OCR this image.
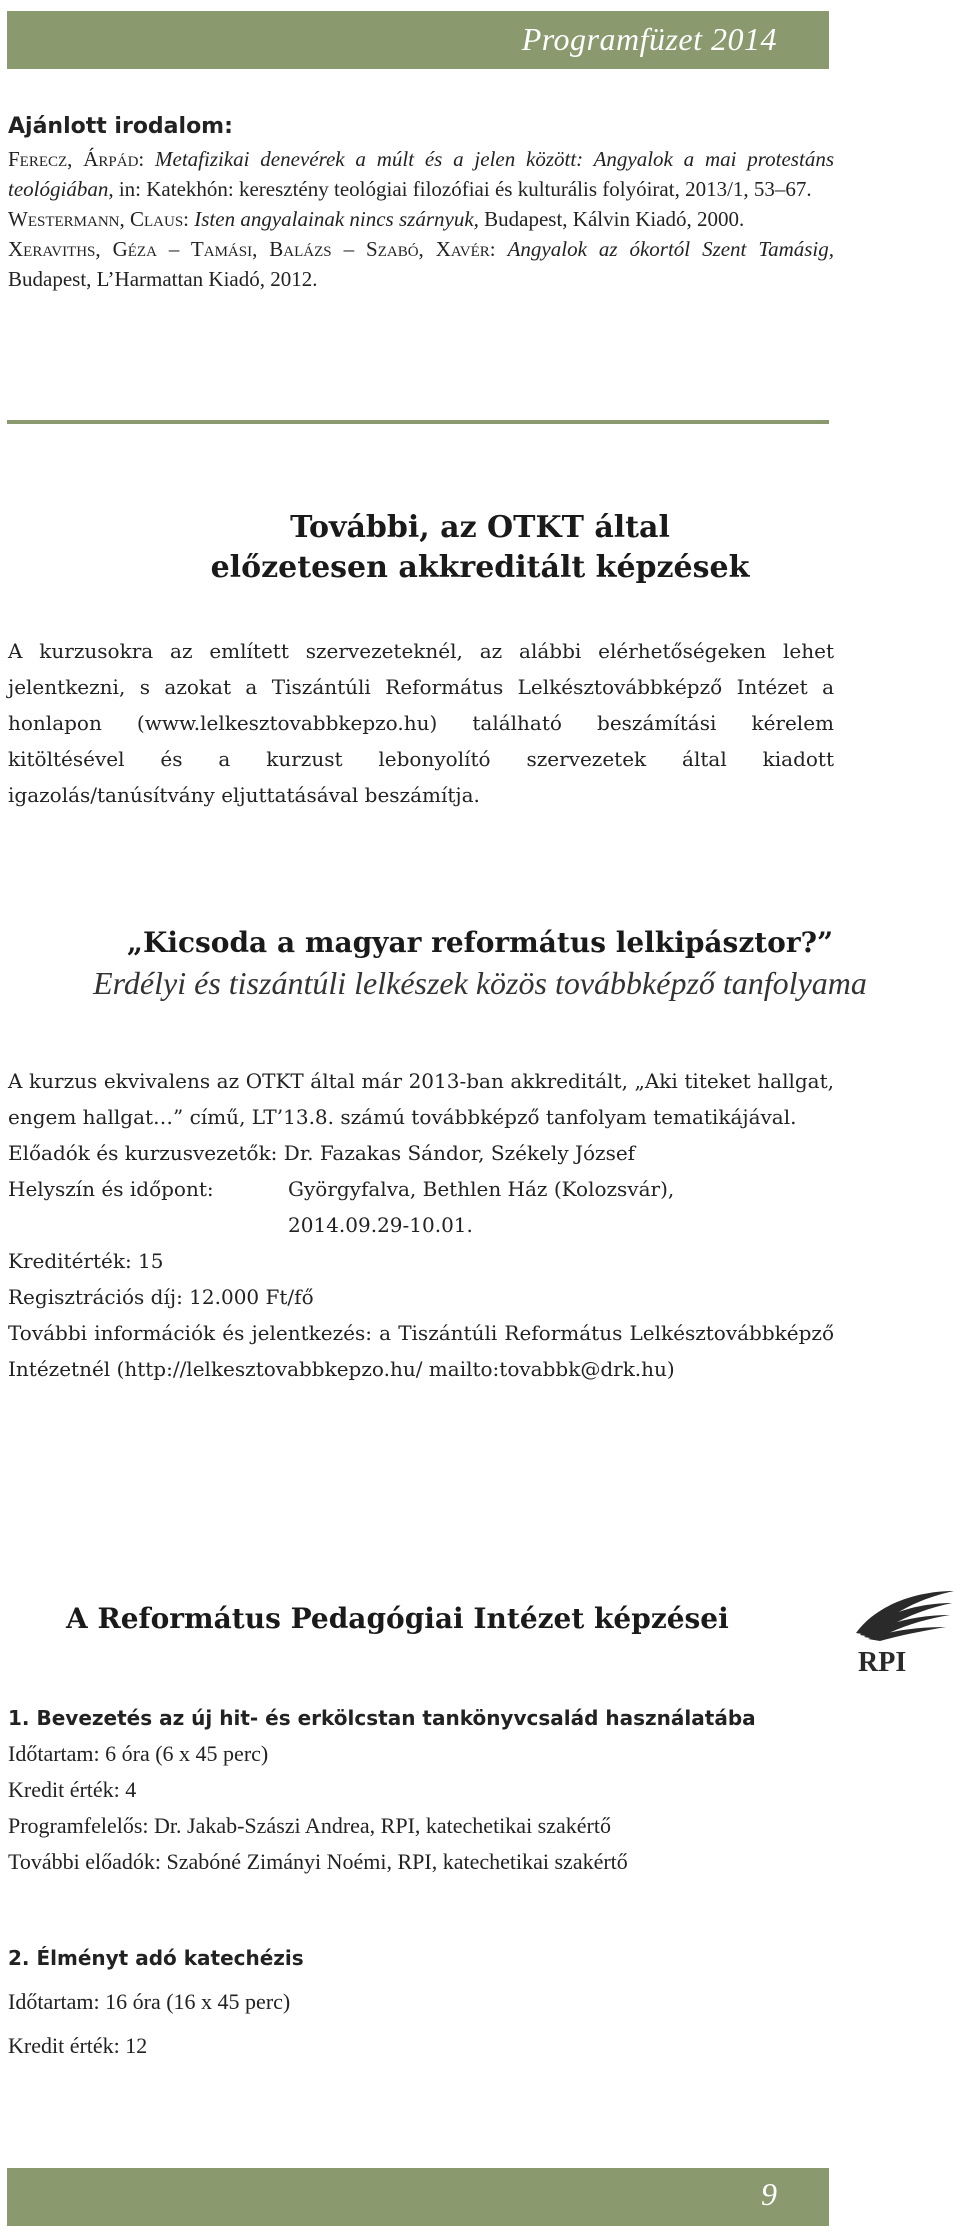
Programfüzet 2014
Ajánlott irodalom:

Ferecz, Árpád: Metafizikai denevérek a múlt és a jelen között: Angyalok a mai protestáns teológiában, in: Katekhón: keresztény teológiai filozófiai és kulturális folyóirat, 2013/1, 53–67.

Westermann, Claus: Isten angyalainak nincs szárnyuk, Budapest, Kálvin Kiadó, 2000.

Xeraviths, Géza – Tamási, Balázs – Szabó, Xavér: Angyalok az ókortól Szent Tamásig, Budapest, L’Harmattan Kiadó, 2012.

További, az OTKT által
előzetesen akkreditált képzések

A kurzusokra az említett szervezeteknél, az alábbi elérhetőségeken lehet jelentkezni, s azokat a Tiszántúli Református Lelkésztovábbképző Intézet a honlapon (www.lelkesztovabbkepzo.hu) található beszámítási kérelem kitöltésével és a kurzust lebonyolító szervezetek által kiadott igazolás/tanúsítvány eljuttatásával beszámítja.

„Kicsoda a magyar református lelkipásztor?”
Erdélyi és tiszántúli lelkészek közös továbbképző tanfolyama

A kurzus ekvivalens az OTKT által már 2013-ban akkreditált, „Aki titeket hallgat, engem hallgat…” című, LT’13.8. számú továbbképző tanfolyam tematikájával.

Előadók és kurzusvezetők: Dr. Fazakas Sándor, Székely József

Helyszín és időpont:	Györgyfalva, Bethlen Ház (Kolozsvár),

2014.09.29-10.01.

Kreditérték: 15

Regisztrációs díj: 12.000 Ft/fő

További információk és jelentkezés: a Tiszántúli Református Lelkésztovábbképző Intézetnél (http://lelkesztovabbkepzo.hu/ mailto:tovabbk@drk.hu)

A Református Pedagógiai Intézet képzései
RPI

1. Bevezetés az új hit- és erkölcstan tankönyvcsalád használatába

Időtartam: 6 óra (6 x 45 perc)

Kredit érték: 4

Programfelelős: Dr. Jakab-Szászi Andrea, RPI, katechetikai szakértő

További előadók: Szabóné Zimányi Noémi, RPI, katechetikai szakértő

2. Élményt adó katechézis

Időtartam: 16 óra (16 x 45 perc)

Kredit érték: 12

9
